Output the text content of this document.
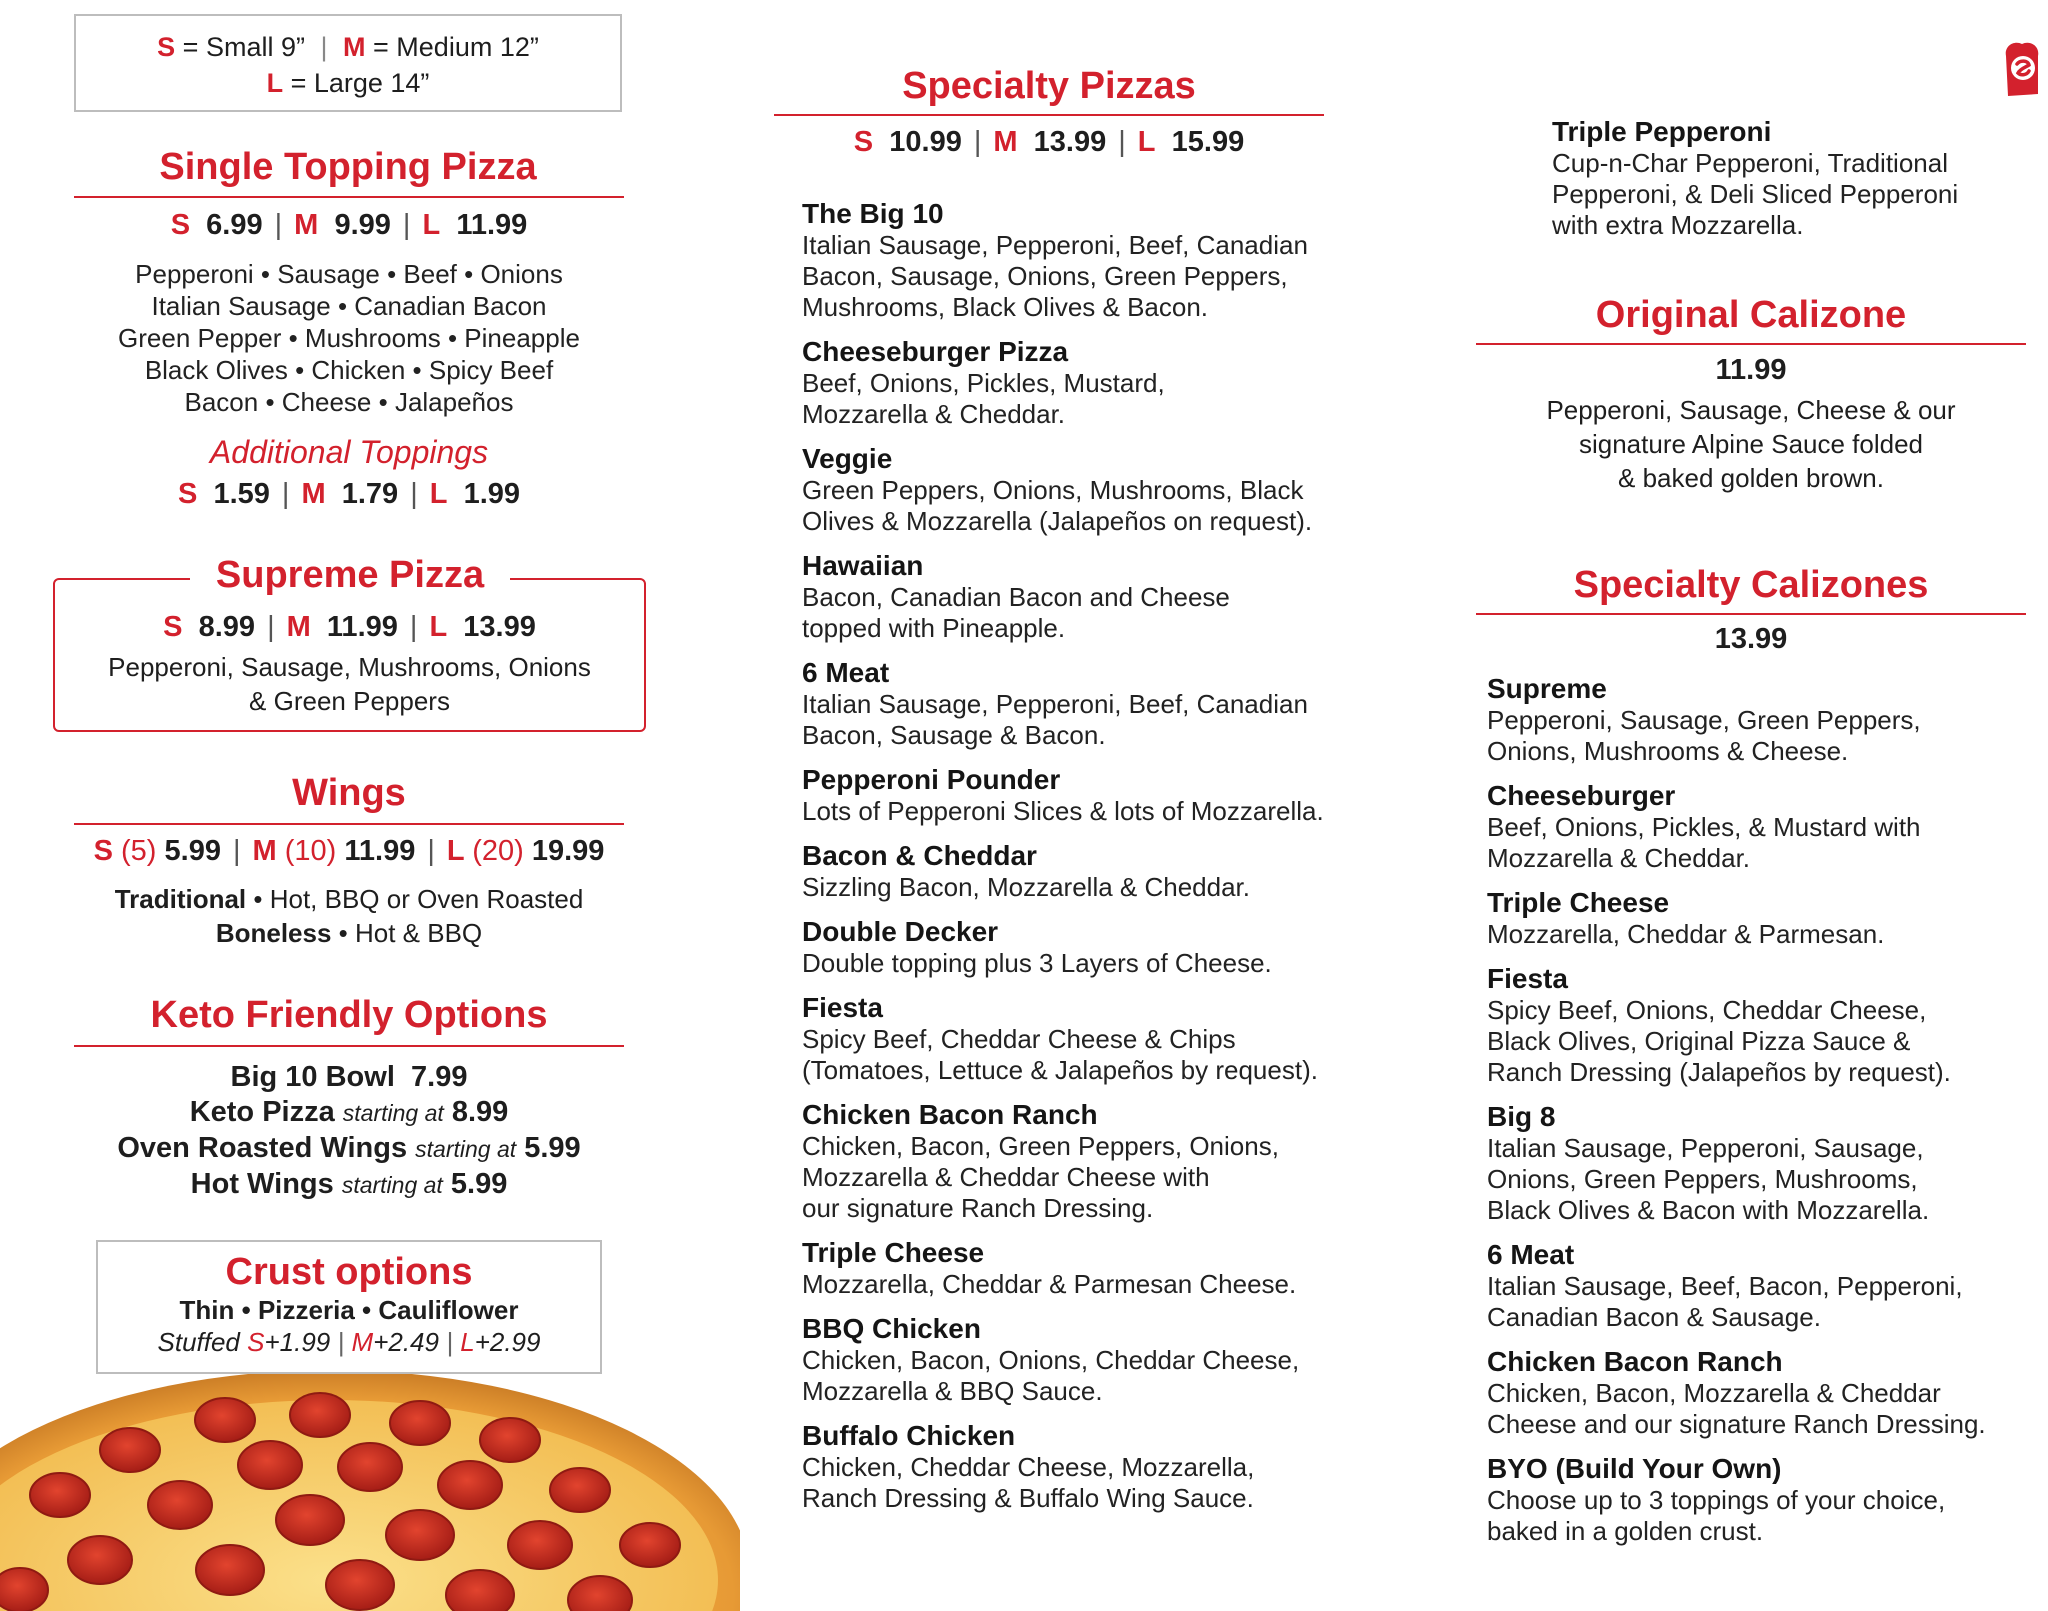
S = Small 9” | M = Medium 12”
L = Large 14”
Single Topping Pizza
S 6.99 | M 9.99 | L 11.99
Pepperoni • Sausage • Beef • Onions
Italian Sausage • Canadian Bacon
Green Pepper • Mushrooms • Pineapple
Black Olives • Chicken • Spicy Beef
Bacon • Cheese • Jalapeños
Additional Toppings
S 1.59 | M 1.79 | L 1.99
Supreme Pizza
S 8.99 | M 11.99 | L 13.99
Pepperoni, Sausage, Mushrooms, Onions
& Green Peppers
Wings
S (5) 5.99 | M (10) 11.99 | L (20) 19.99
Traditional • Hot, BBQ or Oven Roasted
Boneless • Hot & BBQ
Keto Friendly Options
Big 10 Bowl 7.99
Keto Pizza starting at 8.99
Oven Roasted Wings starting at 5.99
Hot Wings starting at 5.99
Crust options
Thin • Pizzeria • Cauliflower
Stuffed S+1.99 | M+2.49 | L+2.99
Specialty Pizzas
S 10.99 | M 13.99 | L 15.99
The Big 10
Italian Sausage, Pepperoni, Beef, Canadian
Bacon, Sausage, Onions, Green Peppers,
Mushrooms, Black Olives & Bacon.
Cheeseburger Pizza
Beef, Onions, Pickles, Mustard,
Mozzarella & Cheddar.
Veggie
Green Peppers, Onions, Mushrooms, Black
Olives & Mozzarella (Jalapeños on request).
Hawaiian
Bacon, Canadian Bacon and Cheese
topped with Pineapple.
6 Meat
Italian Sausage, Pepperoni, Beef, Canadian
Bacon, Sausage & Bacon.
Pepperoni Pounder
Lots of Pepperoni Slices & lots of Mozzarella.
Bacon & Cheddar
Sizzling Bacon, Mozzarella & Cheddar.
Double Decker
Double topping plus 3 Layers of Cheese.
Fiesta
Spicy Beef, Cheddar Cheese & Chips
(Tomatoes, Lettuce & Jalapeños by request).
Chicken Bacon Ranch
Chicken, Bacon, Green Peppers, Onions,
Mozzarella & Cheddar Cheese with
our signature Ranch Dressing.
Triple Cheese
Mozzarella, Cheddar & Parmesan Cheese.
BBQ Chicken
Chicken, Bacon, Onions, Cheddar Cheese,
Mozzarella & BBQ Sauce.
Buffalo Chicken
Chicken, Cheddar Cheese, Mozzarella,
Ranch Dressing & Buffalo Wing Sauce.
Triple Pepperoni
Cup-n-Char Pepperoni, Traditional
Pepperoni, & Deli Sliced Pepperoni
with extra Mozzarella.
Original Calizone
11.99
Pepperoni, Sausage, Cheese & our
signature Alpine Sauce folded
& baked golden brown.
Specialty Calizones
13.99
Supreme
Pepperoni, Sausage, Green Peppers,
Onions, Mushrooms & Cheese.
Cheeseburger
Beef, Onions, Pickles, & Mustard with
Mozzarella & Cheddar.
Triple Cheese
Mozzarella, Cheddar & Parmesan.
Fiesta
Spicy Beef, Onions, Cheddar Cheese,
Black Olives, Original Pizza Sauce &
Ranch Dressing (Jalapeños by request).
Big 8
Italian Sausage, Pepperoni, Sausage,
Onions, Green Peppers, Mushrooms,
Black Olives & Bacon with Mozzarella.
6 Meat
Italian Sausage, Beef, Bacon, Pepperoni,
Canadian Bacon & Sausage.
Chicken Bacon Ranch
Chicken, Bacon, Mozzarella & Cheddar
Cheese and our signature Ranch Dressing.
BYO (Build Your Own)
Choose up to 3 toppings of your choice,
baked in a golden crust.
